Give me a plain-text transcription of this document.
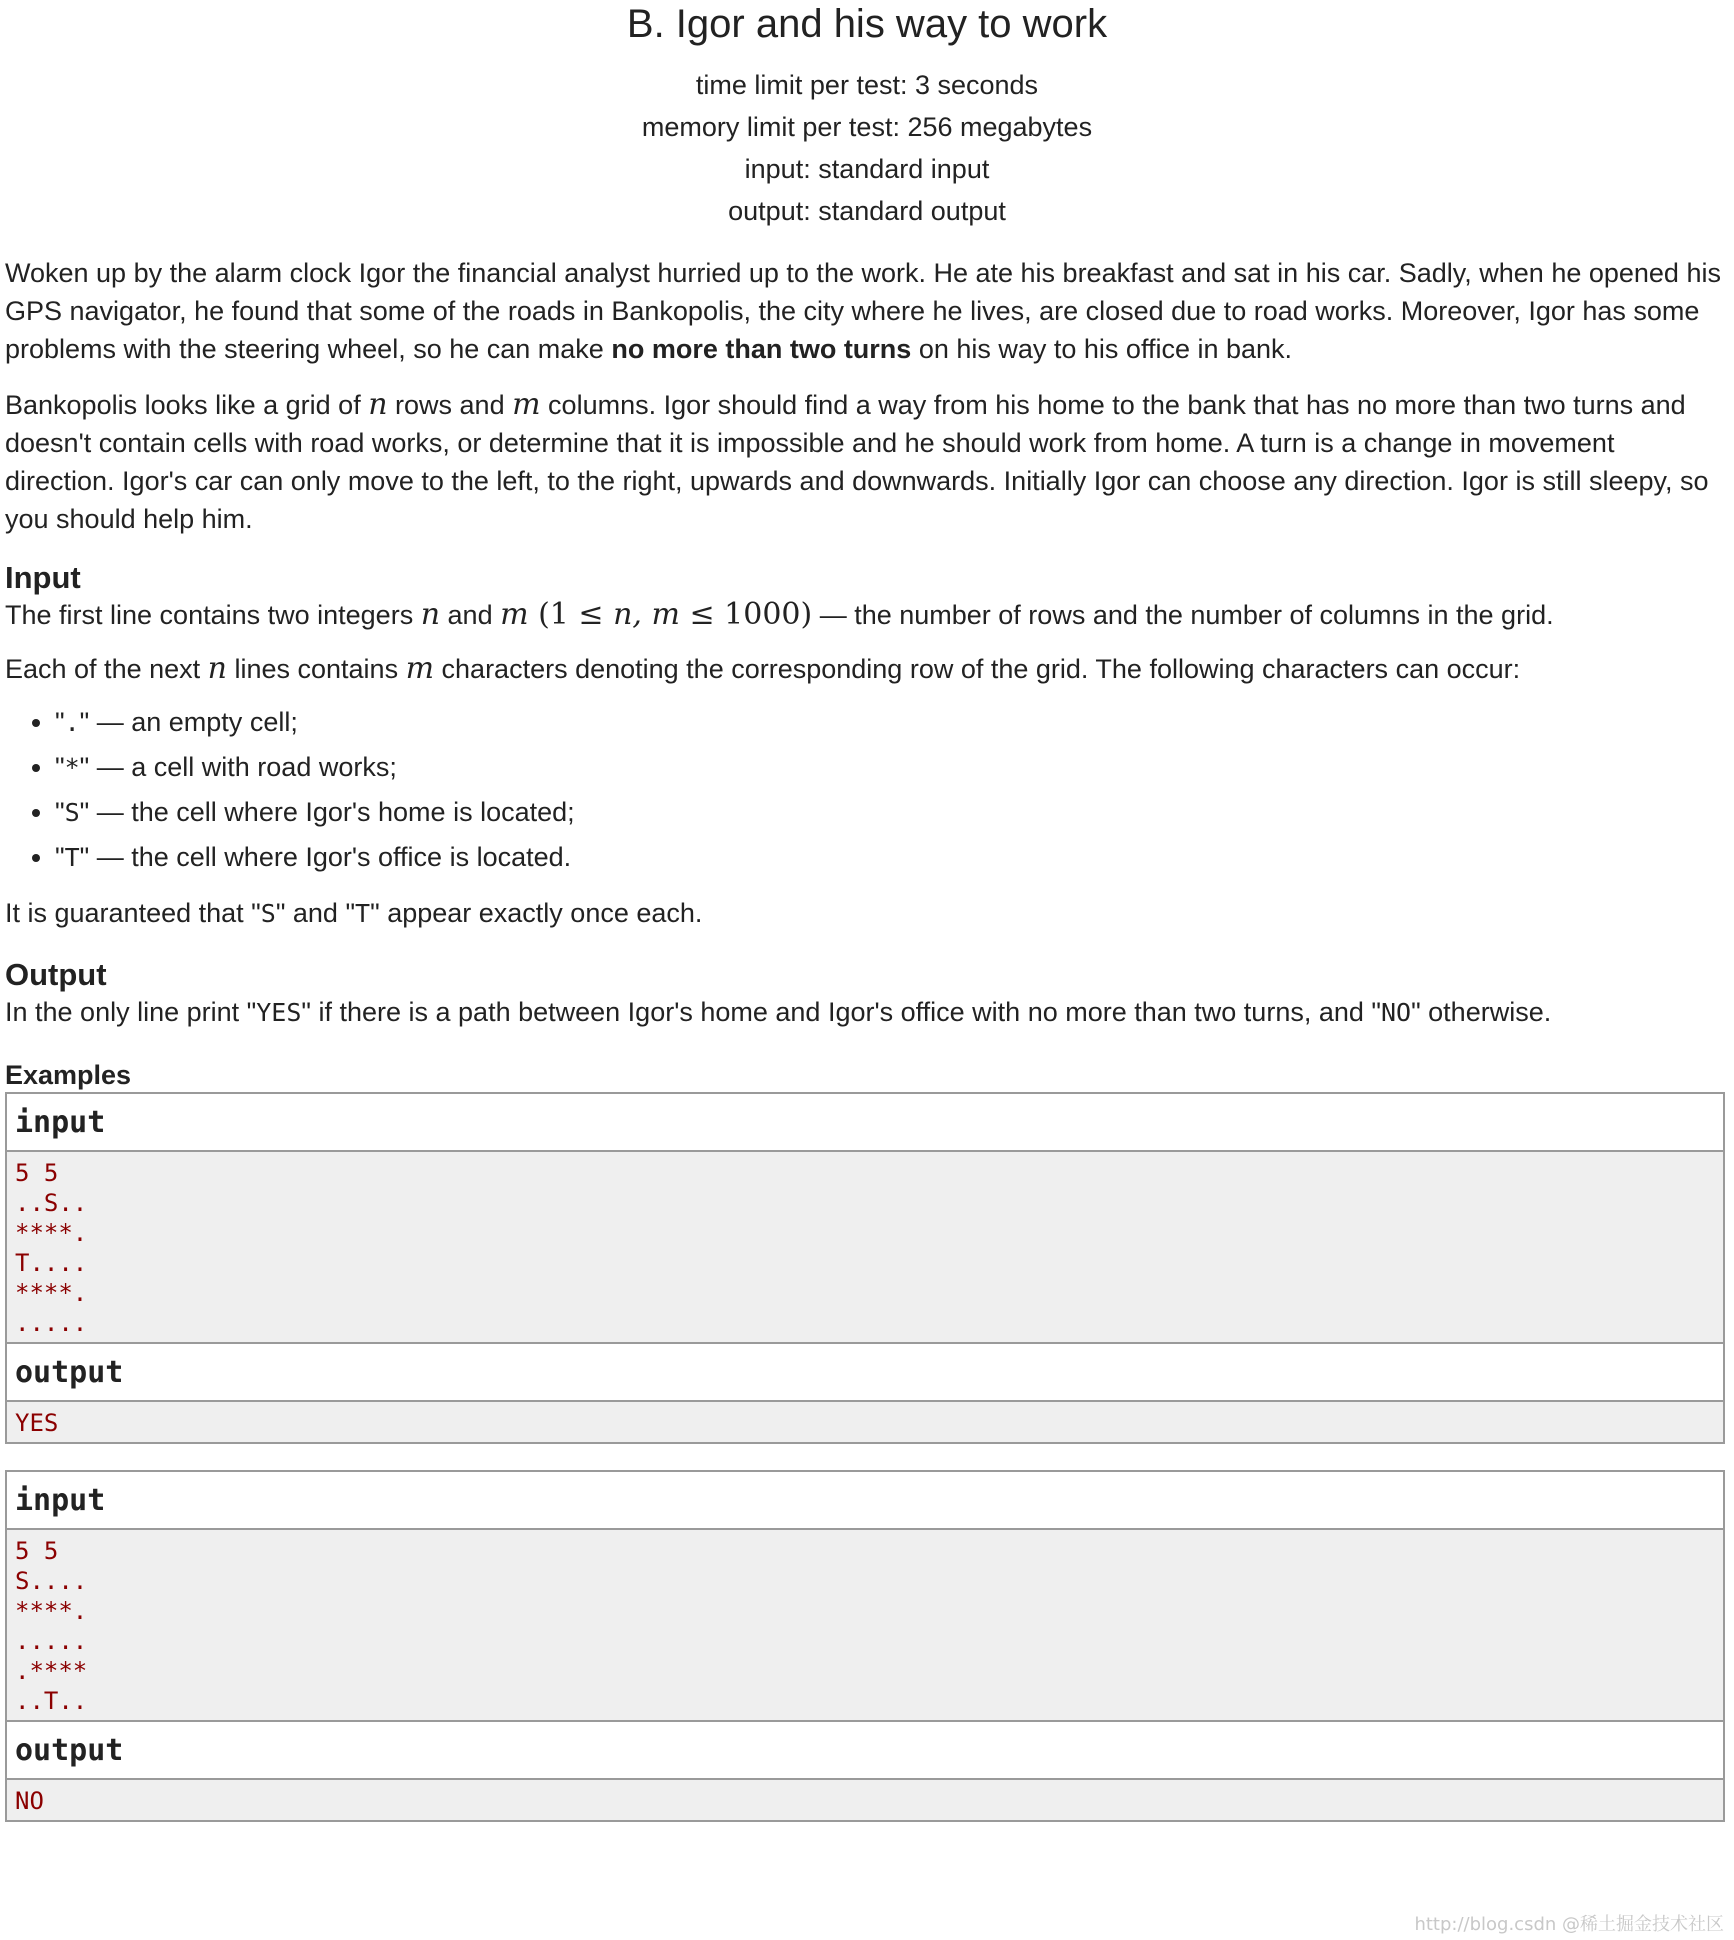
B. Igor and his way to work
time limit per test: 3 seconds
memory limit per test: 256 megabytes
input: standard input
output: standard output

Woken up by the alarm clock Igor the financial analyst hurried up to the work. He ate his breakfast and sat in his car. Sadly, when he opened his GPS navigator, he found that some of the roads in Bankopolis, the city where he lives, are closed due to road works. Moreover, Igor has some problems with the steering wheel, so he can make no more than two turns on his way to his office in bank.

Bankopolis looks like a grid of n rows and m columns. Igor should find a way from his home to the bank that has no more than two turns and doesn't contain cells with road works, or determine that it is impossible and he should work from home. A turn is a change in movement direction. Igor's car can only move to the left, to the right, upwards and downwards. Initially Igor can choose any direction. Igor is still sleepy, so you should help him.

Input

The first line contains two integers n and m (1 ≤ n, m ≤ 1000) — the number of rows and the number of columns in the grid.

Each of the next n lines contains m characters denoting the corresponding row of the grid. The following characters can occur:

• "." — an empty cell;
• "*" — a cell with road works;
• "S" — the cell where Igor's home is located;
• "T" — the cell where Igor's office is located.

It is guaranteed that "S" and "T" appear exactly once each.

Output

In the only line print "YES" if there is a path between Igor's home and Igor's office with no more than two turns, and "NO" otherwise.

Examples
input
5 5
..S..
****.
T....
****.
.....
output
YES
input
5 5
S....
****.
.....
.****
..T..
output
NO
http://blog.csdn @稀土掘金技术社区
